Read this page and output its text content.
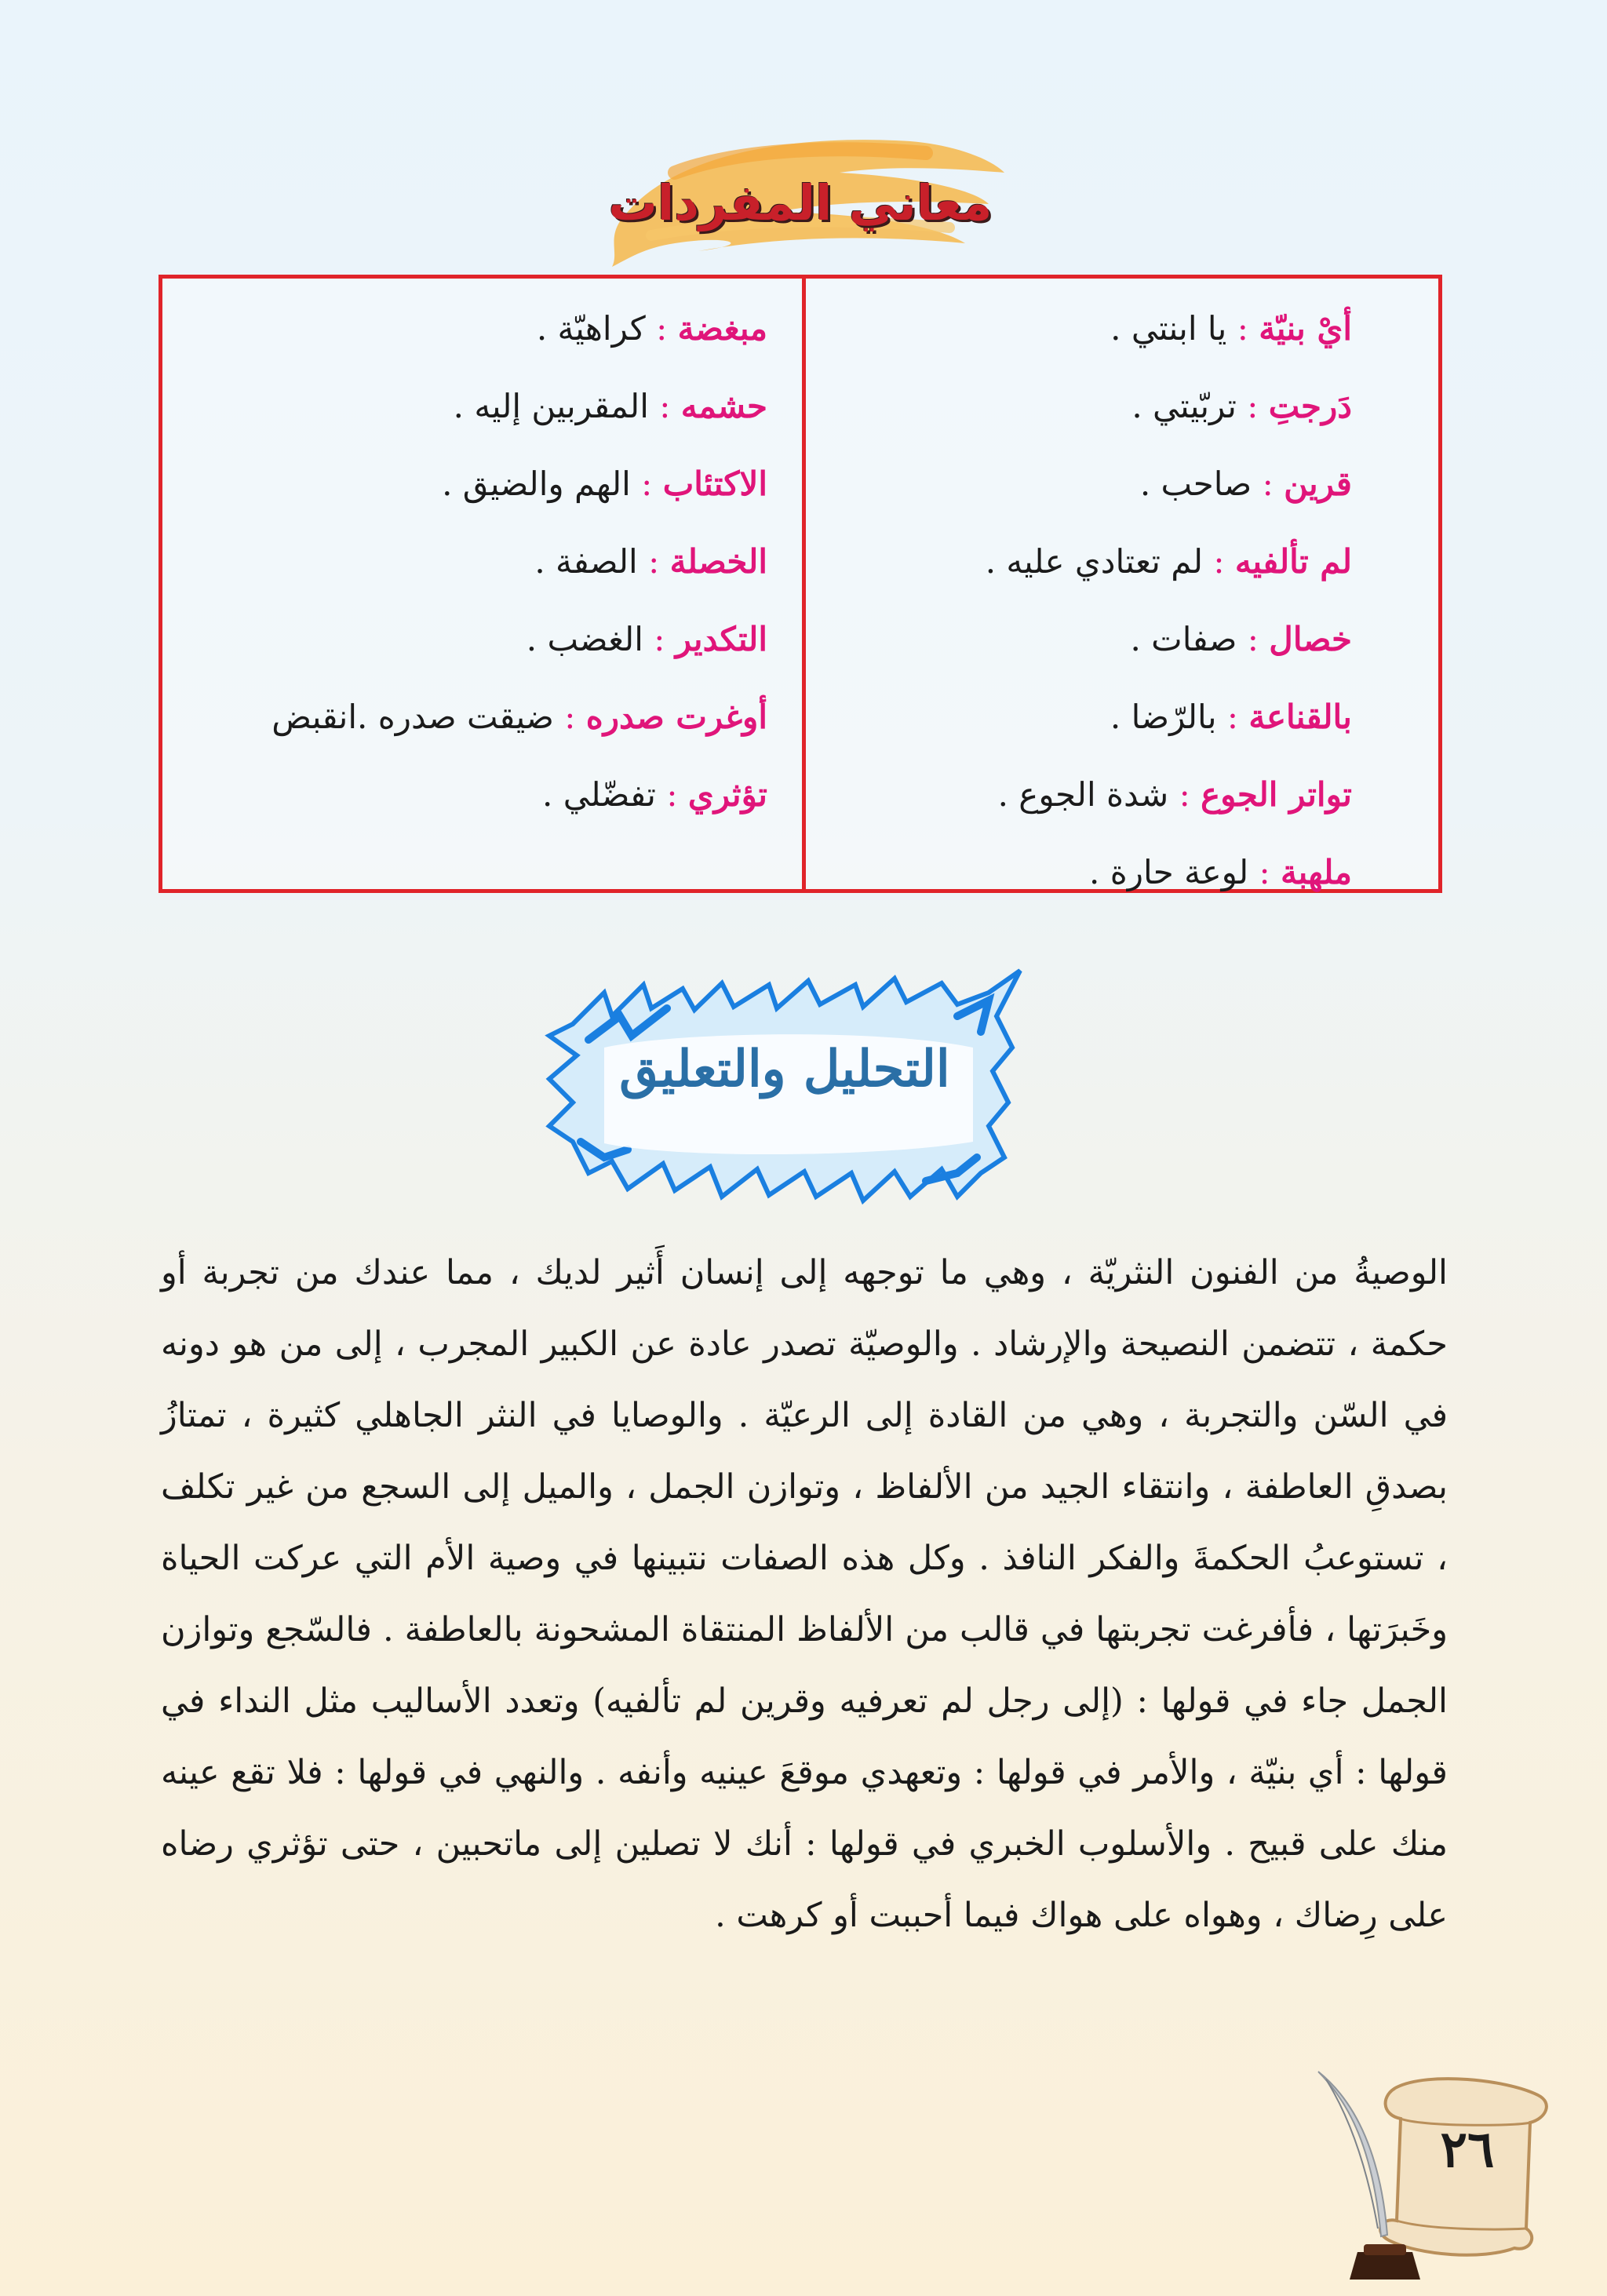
معاني المفردات
أيْ بنيّة : يا ابنتي .
دَرجتِ : تربّيتي .
قرين : صاحب .
لم تألفيه : لم تعتادي عليه .
خصال : صفات .
بالقناعة : بالرّضا .
تواتر الجوع : شدة الجوع .
ملهبة : لوعة حارة .
مبغضة : كراهيّة .
حشمه : المقربين إليه .
الاكتئاب : الهم والضيق .
الخصلة : الصفة .
التكدير : الغضب .
أوغرت صدره : ضيقت صدره .انقبض
تؤثري : تفضّلي .
التحليل والتعليق
الوصيةُ من الفنون النثريّة ، وهي ما توجهه إلى إنسان أَثير لديك ، مما عندك من تجربة أو حكمة ، تتضمن النصيحة والإرشاد . والوصيّة تصدر عادة عن الكبير المجرب ، إلى من هو دونه في السّن والتجربة ، وهي من القادة إلى الرعيّة . والوصايا في النثر الجاهلي كثيرة ، تمتازُ بصدقِ العاطفة ، وانتقاء الجيد من الألفاظ ، وتوازن الجمل ، والميل إلى السجع من غير تكلف ، تستوعبُ الحكمةَ والفكر النافذ . وكل هذه الصفات نتبينها في وصية الأم التي عركت الحياة وخَبرَتها ، فأفرغت تجربتها في قالب من الألفاظ المنتقاة المشحونة بالعاطفة . فالسّجع وتوازن الجمل جاء في قولها : (إلى رجل لم تعرفيه وقرين لم تألفيه) وتعدد الأساليب مثل النداء في قولها : أي بنيّة ، والأمر في قولها : وتعهدي موقعَ عينيه وأنفه . والنهي في قولها : فلا تقع عينه منك على قبيح . والأسلوب الخبري في قولها : أنك لا تصلين إلى ماتحبين ، حتى تؤثري رضاه على رِضاك ، وهواه على هواك فيما أحببت أو كرهت .
٢٦
